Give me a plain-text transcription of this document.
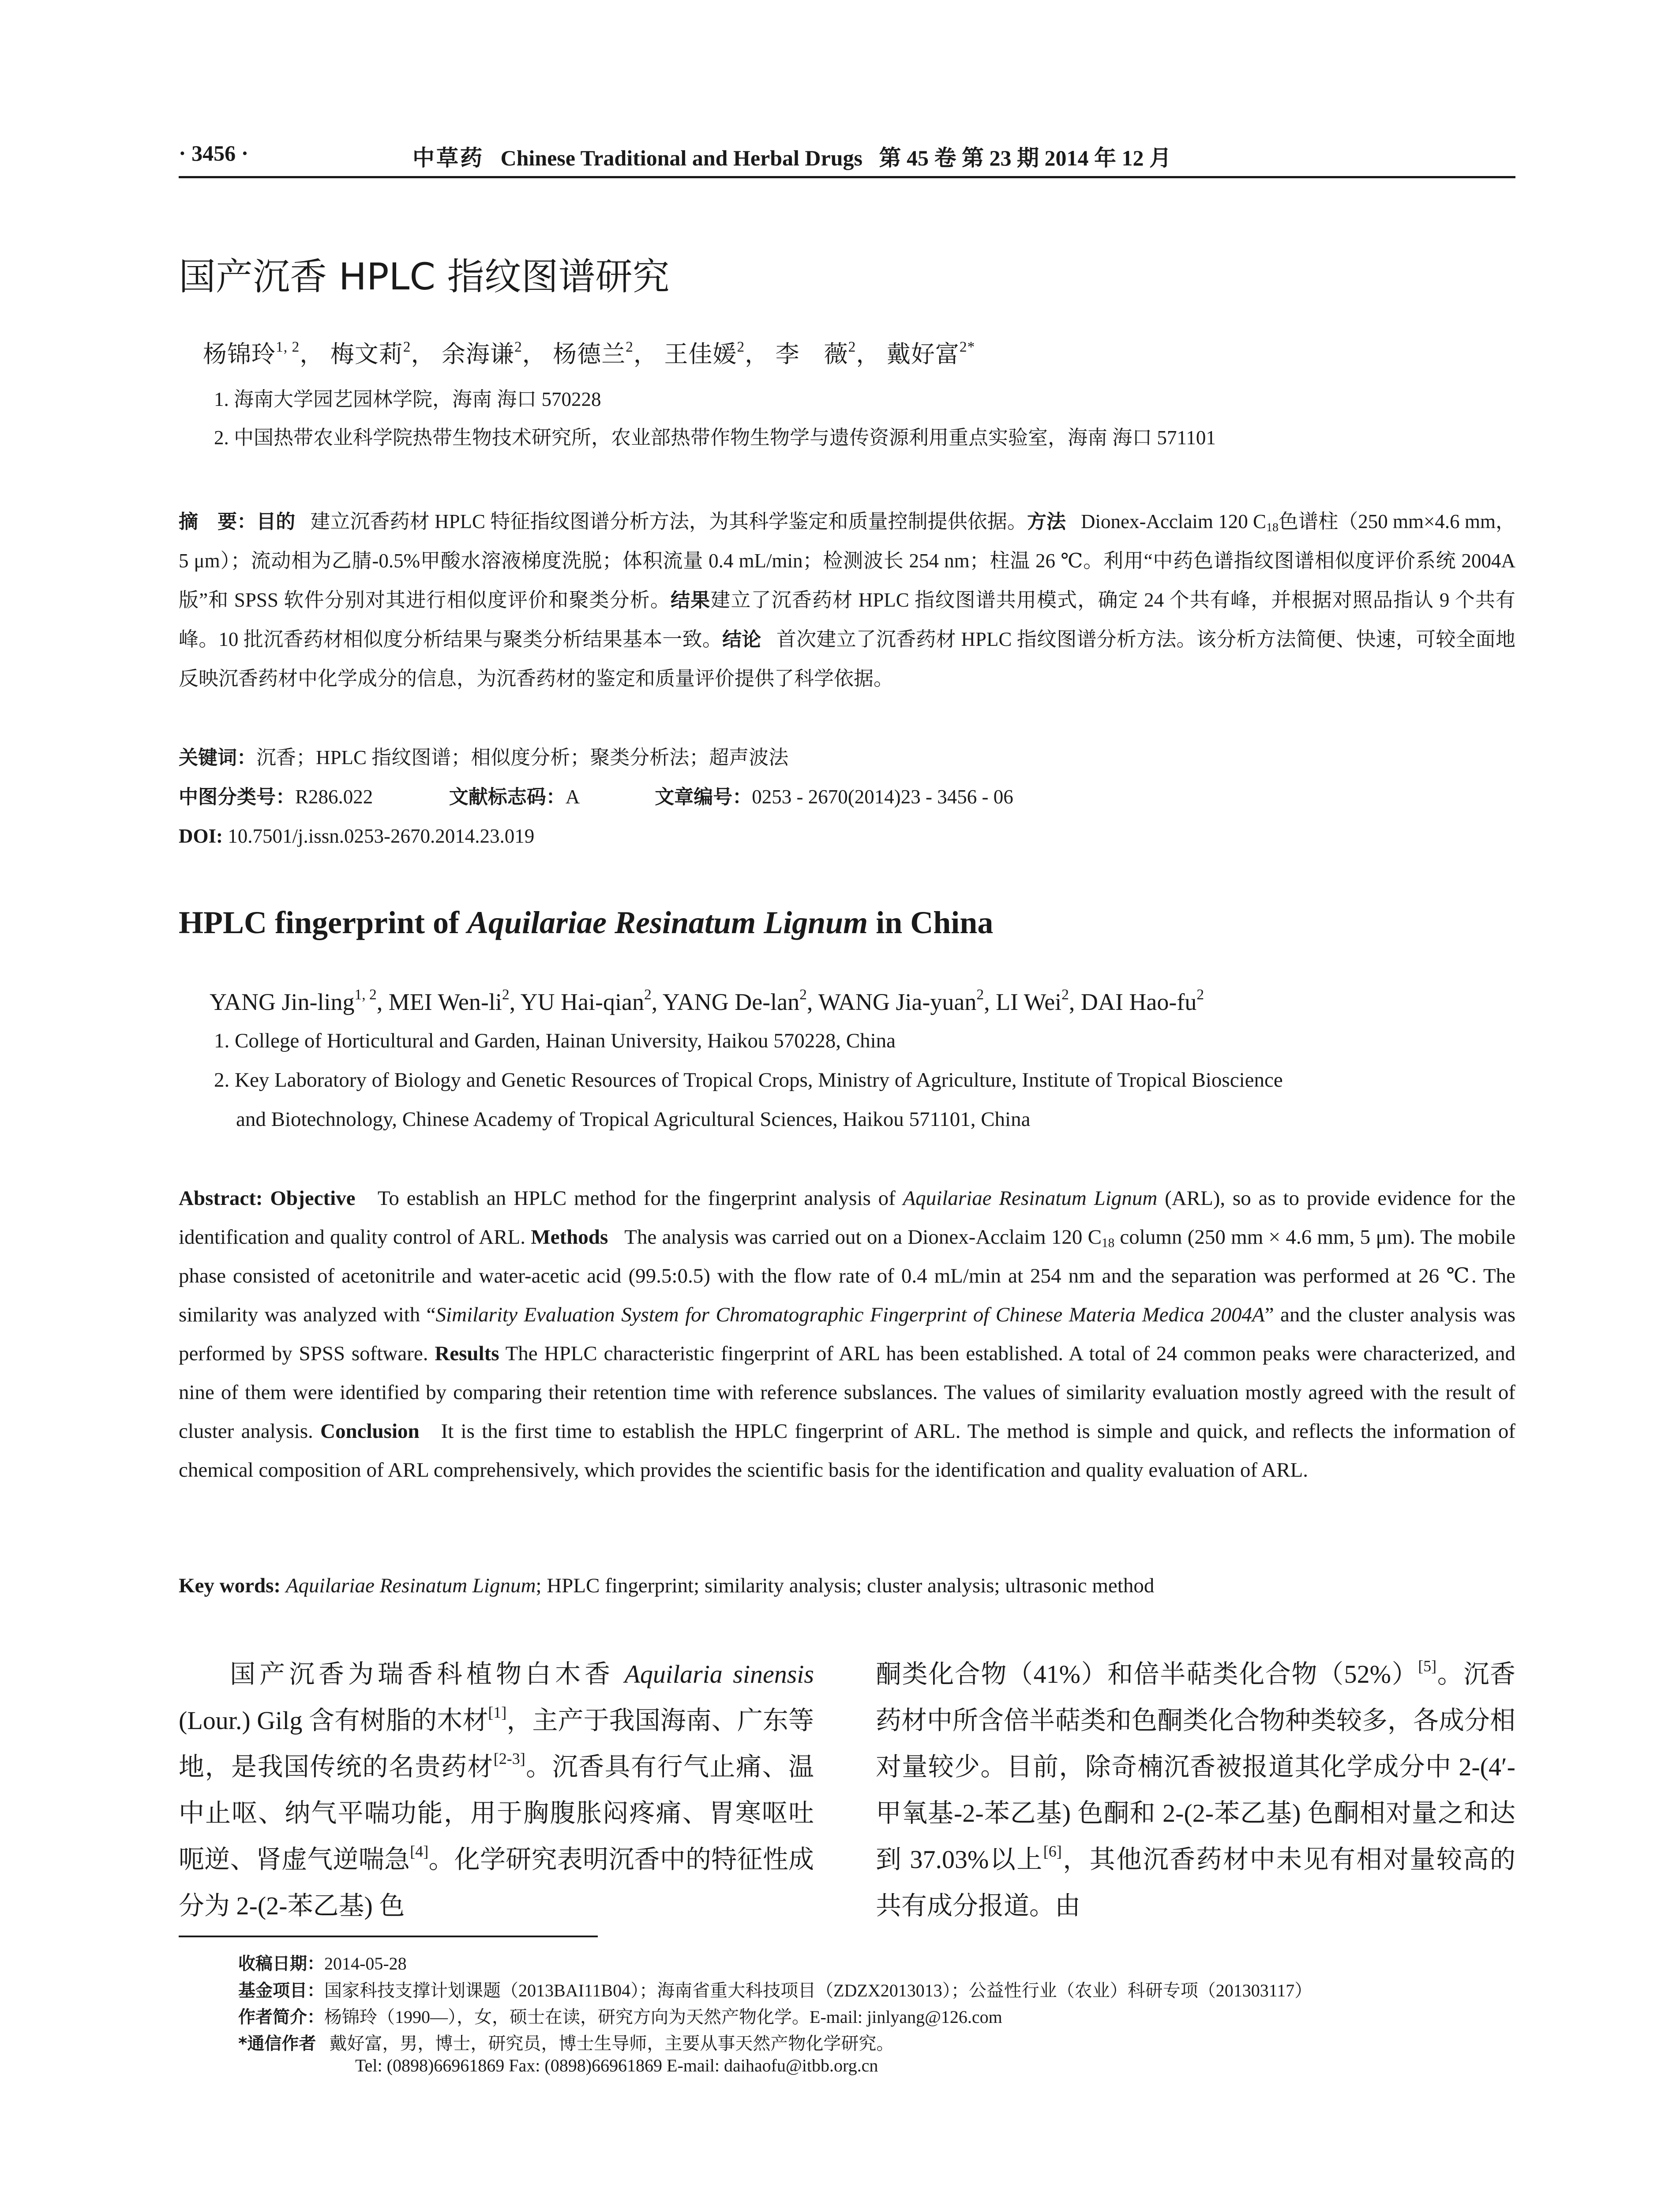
· 3456 ·	中草药 Chinese Traditional and Herbal Drugs 第 45 卷 第 23 期 2014 年 12 月
国产沉香 HPLC 指纹图谱研究
杨锦玲$^{1, 2}$， 梅文莉$^2$， 余海谦$^2$， 杨德兰$^2$， 王佳媛$^2$， 李　薇$^2$， 戴好富$^{2*}$
1. 海南大学园艺园林学院，海南 海口 570228
2. 中国热带农业科学院热带生物技术研究所，农业部热带作物生物学与遗传资源利用重点实验室，海南 海口 571101
摘　要：目的 建立沉香药材 HPLC 特征指纹图谱分析方法，为其科学鉴定和质量控制提供依据。方法 Dionex-Acclaim 120 $C_{18}$色谱柱（250 mm×4.6 mm，5 μm）；流动相为乙腈-0.5%甲酸水溶液梯度洗脱；体积流量 0.4 mL/min；检测波长 254 nm；柱温 26 ℃。利用“中药色谱指纹图谱相似度评价系统 2004A 版”和 SPSS 软件分别对其进行相似度评价和聚类分析。结果建立了沉香药材 HPLC 指纹图谱共用模式，确定 24 个共有峰，并根据对照品指认 9 个共有峰。10 批沉香药材相似度分析结果与聚类分析结果基本一致。结论 首次建立了沉香药材 HPLC 指纹图谱分析方法。该分析方法简便、快速，可较全面地反映沉香药材中化学成分的信息，为沉香药材的鉴定和质量评价提供了科学依据。
关键词：沉香；HPLC 指纹图谱；相似度分析；聚类分析法；超声波法
中图分类号：R286.022	文献标志码：A	文章编号：0253 - 2670(2014)23 - 3456 - 06
DOI: 10.7501/j.issn.0253-2670.2014.23.019
HPLC fingerprint of Aquilariae Resinatum Lignum in China
YANG Jin-ling$^{1, 2}$, MEI Wen-$li^2$, YU Hai-qian$^2$, YANG De-lan$^2$, WANG Jia-yuan$^2$, LI Wei$^2$, DAI Hao-$fu^2$
1. College of Horticultural and Garden, Hainan University, Haikou 570228, China
2. Key Laboratory of Biology and Genetic Resources of Tropical Crops, Ministry of Agriculture, Institute of Tropical Bioscience
and Biotechnology, Chinese Academy of Tropical Agricultural Sciences, Haikou 571101, China
Abstract: Objective To establish an HPLC method for the fingerprint analysis of Aquilariae Resinatum Lignum (ARL), so as to provide evidence for the identification and quality control of ARL. Methods The analysis was carried out on a Dionex-Acclaim 120 $C_{18}$ column (250 mm × 4.6 mm, 5 μm). The mobile phase consisted of acetonitrile and water-acetic acid (99.5:0.5) with the flow rate of 0.4 mL/min at 254 nm and the separation was performed at 26 ℃. The similarity was analyzed with “Similarity Evaluation System for Chromatographic Fingerprint of Chinese Materia Medica 2004A” and the cluster analysis was performed by SPSS software. Results The HPLC characteristic fingerprint of ARL has been established. A total of 24 common peaks were characterized, and nine of them were identified by comparing their retention time with reference subslances. The values of similarity evaluation mostly agreed with the result of cluster analysis. Conclusion It is the first time to establish the HPLC fingerprint of ARL. The method is simple and quick, and reflects the information of chemical composition of ARL comprehensively, which provides the scientific basis for the identification and quality evaluation of ARL.
Key words: Aquilariae Resinatum Lignum; HPLC fingerprint; similarity analysis; cluster analysis; ultrasonic method
国产沉香为瑞香科植物白木香 Aquilaria sinensis (Lour.) Gilg 含有树脂的木材[1]，主产于我国海南、广东等地，是我国传统的名贵药材[2-3]。沉香具有行气止痛、温中止呕、纳气平喘功能，用于胸腹胀闷疼痛、胃寒呕吐呃逆、肾虚气逆喘急[4]。化学研究表明沉香中的特征性成分为 2-(2-苯乙基) 色
酮类化合物（41%）和倍半萜类化合物（52%）[5]。沉香药材中所含倍半萜类和色酮类化合物种类较多，各成分相对量较少。目前，除奇楠沉香被报道其化学成分中 2-(4′-甲氧基-2-苯乙基) 色酮和 2-(2-苯乙基) 色酮相对量之和达到 37.03%以上[6]，其他沉香药材中未见有相对量较高的共有成分报道。由
收稿日期：2014-05-28
基金项目：国家科技支撑计划课题（2013BAI11B04）；海南省重大科技项目（ZDZX2013013）；公益性行业（农业）科研专项（201303117）
作者简介：杨锦玲（1990—），女，硕士在读，研究方向为天然产物化学。E-mail: jinlyang@126.com
*通信作者 戴好富，男，博士，研究员，博士生导师，主要从事天然产物化学研究。
Tel: (0898)66961869 Fax: (0898)66961869 E-mail: daihaofu@itbb.org.cn
